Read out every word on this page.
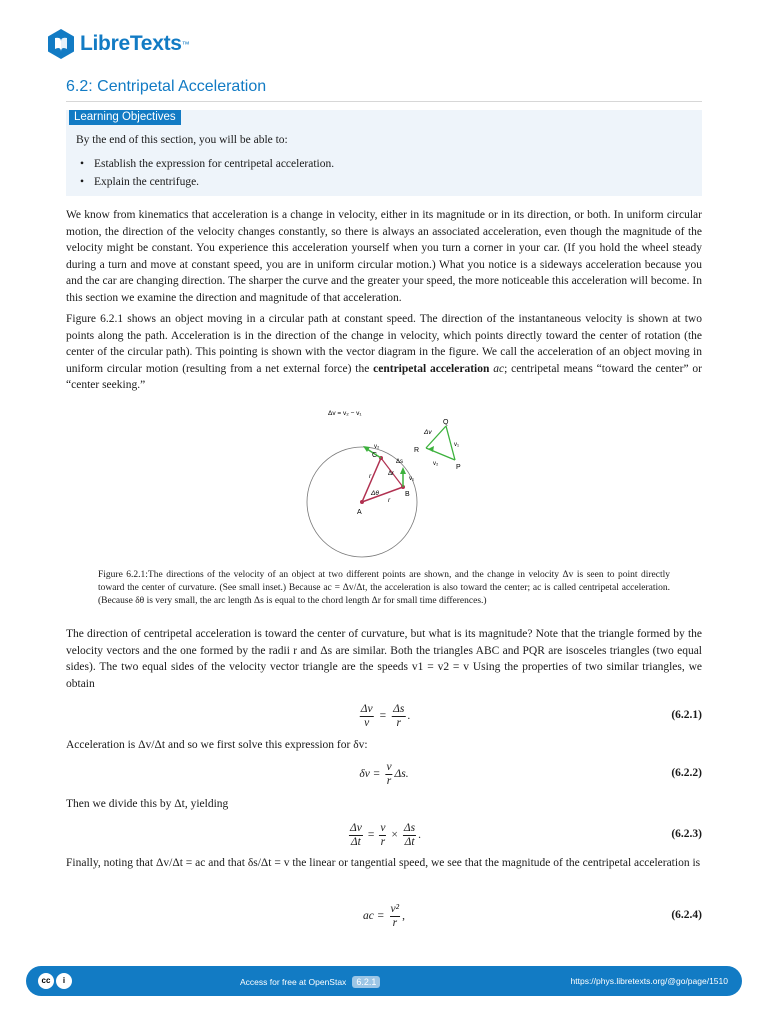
LibreTexts ™
6.2: Centripetal Acceleration
Learning Objectives
By the end of this section, you will be able to:
• Establish the expression for centripetal acceleration.
• Explain the centrifuge.

We know from kinematics that acceleration is a change in velocity, either in its magnitude or in its direction, or both. In uniform circular motion, the direction of the velocity changes constantly, so there is always an associated acceleration, even though the magnitude of the velocity might be constant. You experience this acceleration yourself when you turn a corner in your car. (If you hold the wheel steady during a turn and move at constant speed, you are in uniform circular motion.) What you notice is a sideways acceleration because you and the car are changing direction. The sharper the curve and the greater your speed, the more noticeable this acceleration will become. In this section we examine the direction and magnitude of that acceleration.

Figure 6.2.1 shows an object moving in a circular path at constant speed. The direction of the instantaneous velocity is shown at two points along the path. Acceleration is in the direction of the change in velocity, which points directly toward the center of rotation (the center of the circular path). This pointing is shown with the vector diagram in the figure. We call the acceleration of an object moving in uniform circular motion (resulting from a net external force) the centripetal acceleration ac; centripetal means “toward the center” or “center seeking.”

Δv = v₂ − v₁
A
B
C
Q
R
P
r
r
Δθ
Δs
Δr
v₁
v₂
Δv
v₁
v₂

Figure 6.2.1:The directions of the velocity of an object at two different points are shown, and the change in velocity Δv is seen to point directly toward the center of curvature. (See small inset.) Because ac = Δv/Δt, the acceleration is also toward the center; ac is called centripetal acceleration. (Because δθ is very small, the arc length Δs is equal to the chord length Δr for small time differences.)

The direction of centripetal acceleration is toward the center of curvature, but what is its magnitude? Note that the triangle formed by the velocity vectors and the one formed by the radii r and Δs are similar. Both the triangles ABC and PQR are isosceles triangles (two equal sides). The two equal sides of the velocity vector triangle are the speeds v1 = v2 = v Using the properties of two similar triangles, we obtain

$\frac{\Delta v}{v} = \frac{\Delta s}{r}$ .	(6.2.1)

Acceleration is Δv/Δt and so we first solve this expression for δv:

$\delta v = \frac{v}{r} \Delta s$.	(6.2.2)

Then we divide this by Δt, yielding

$\frac{\Delta v}{\Delta t} = \frac{v}{r} \times \frac{\Delta s}{\Delta t}$ .	(6.2.3)

Finally, noting that Δv/Δt = ac and that δs/Δt = v the linear or tangential speed, we see that the magnitude of the centripetal acceleration is

ac = $\frac{\text{v²}}{r}$ ,	(6.2.4)
cc	i	Access for free at OpenStax 6.2.1	https://phys.libretexts.org/@go/page/1510
